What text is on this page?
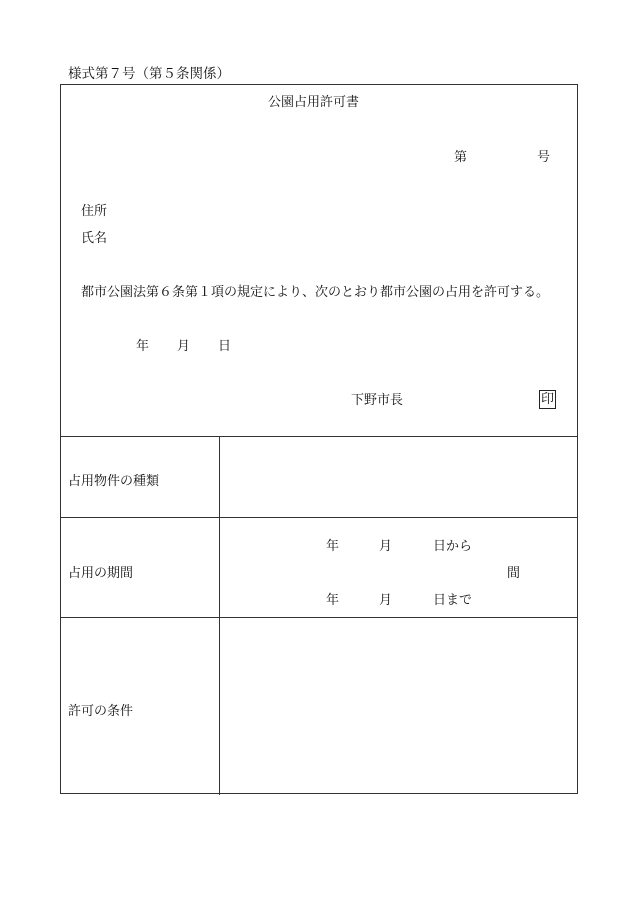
様式第７号（第５条関係）
公園占用許可書
第	号
住所
氏名
都市公園法第６条第１項の規定により、次のとおり都市公園の占用を許可する。
年 月 日
下野市長	印
占用物件の種類
占用の期間
年	月	日から
間
年	月	日まで
許可の条件
